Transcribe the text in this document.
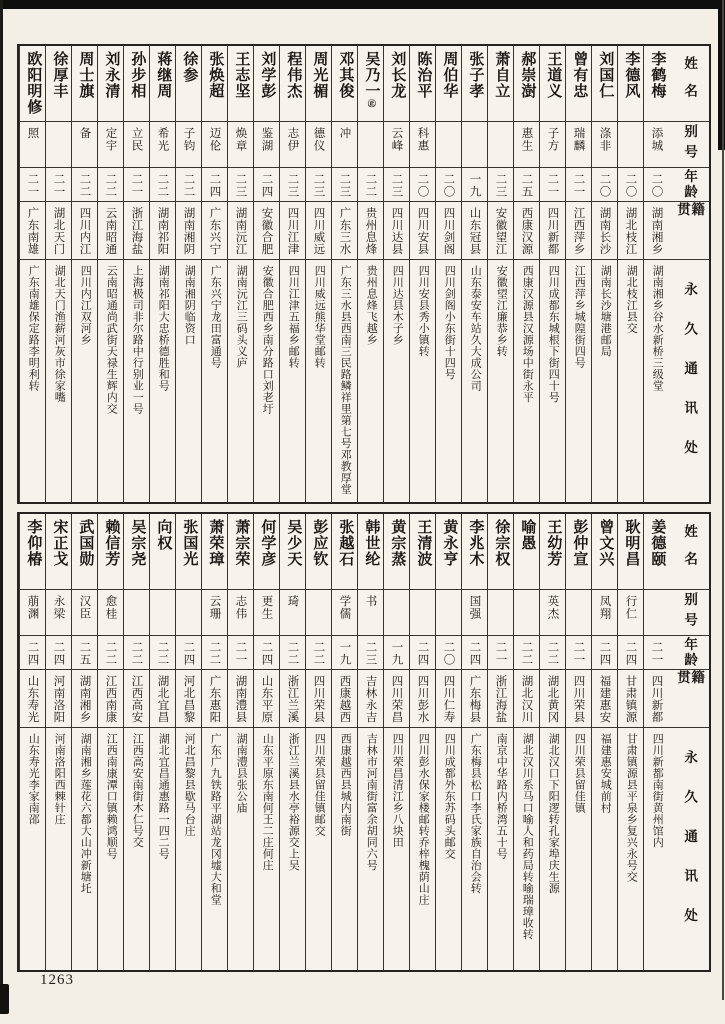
姓名
别号
年龄
籍贯
永久通讯处
李鹤梅
添城
二〇
湖南湘乡
湖南湘乡谷水新桥三级堂
李德风
二〇
湖北枝江
湖北枝江县交
刘国仁
涤非
二〇
湖南长沙
湖南长沙塘港邮局
曾有忠
瑞麟
二一
江西萍乡
江西萍乡城隍街四号
王道义
子方
二一
四川新都
四川成都东城根下街四十号
郝崇澍
惠生
二五
西康汉源
西康汉源县汉源场中街永平
萧自立
二三
安徽望江
安徽望江廉恭乡转
张子孝
一九
山东冠县
山东泰安车站久大成公司
周伯华
二〇
四川剑阁
四川剑阁小东街十四号
陈治平
科惠
二〇
四川安县
四川安县秀小镇转
刘长龙
云峰
二三
四川达县
四川达县木子乡
吴乃一㊣
二二
贵州息烽
贵州息烽飞越乡
邓其俊
冲
二三
广东三水
广东三水县西南三民路鳞祥里第七号邓教厚堂
周光楣
德仪
二三
四川威远
四川威远熊华堂邮转
程伟杰
志伊
二三
四川江津
四川江津五福乡邮转
刘学彭
鉴湖
二四
安徽合肥
安徽合肥西乡南分路口刘老圩
王志坚
焕章
二三
湖南沅江
湖南沅江三码头义庐
张焕超
迈伦
二四
广东兴宁
广东兴宁龙田富通号
徐参
子钧
二二
湖南湘阴
湖南湘阴临资口
蒋继周
希光
二二
湖南祁阳
湖南祁阳大忠桥德胜和号
孙步相
立民
二一
浙江海盐
上海极司非尔路中行别业一号
刘永清
定宇
二二
云南昭通
云南昭通尚武街天禄生辉内交
周士旗
备
二二
四川内江
四川内江双河乡
徐厚丰
二一
湖北天门
湖北天门渔薪河灰市徐家嘴
欧阳明修
照
二一
广东南雄
广东南雄保定路李明利转
姓名
别号
年龄
籍贯
永久通讯处
姜德颐
二一
四川新都
四川新都南街黄州馆内
耿明昌
行仁
二四
甘肃镇源
甘肃镇源县平泉乡复兴永号交
曾文兴
凤翔
二四
福建惠安
福建惠安城前村
彭仲宣
二一
四川荣县
四川荣县留佳镇
王幼芳
英杰
二二
湖北黄冈
湖北汉口下阳逻转孔家埠庆生源
喻愚
二二
湖北汉川
湖北汉川系马口喻人和药局转喻瑞璋收转
徐宗权
二一
浙江海盐
南京中华路内桥湾五十号
李兆木
国强
二四
广东梅县
广东梅县松口李氏家族自治会转
黄永亨
二〇
四川仁寿
四川成都外东苏码头邮交
王清波
二四
四川彭水
四川彭水保家楼邮转乔梓槐荫山庄
黄宗蒸
一九
四川荣昌
四川荣昌清江乡八块田
韩世纶
书
二三
吉林永吉
吉林市河南街富余胡同六号
张越石
学儒
一九
西康越西
西康越西县城内南街
彭应钦
二二
四川荣县
四川荣县留佳镇邮交
吴少天
琦
二二
浙江兰溪
浙江兰溪县水亭裕源交上吴
何学彦
更生
二四
山东平原
山东平原东南何王二庄何庄
萧宗荣
志伟
二一
湖南澧县
湖南澧县张公庙
萧荣璋
云珊
二二
广东惠阳
广东广九铁路平湖站龙冈墟大和堂
张国光
二四
河北昌黎
河北昌黎县歇马台庄
向权
二二
湖北宜昌
湖北宜昌通惠路一四二号
吴宗尧
二二
江西高安
江西高安南街木仁号交
赖信芳
愈桂
二二
江西南康
江西南康潭口镇赖鸿顺号
武国勋
汉臣
二五
湖南湘乡
湖南湘乡莲花六都大山冲新塘圫
宋正戈
永梁
二四
河南洛阳
河南洛阳西棘针庄
李仰椿
萠渊
二四
山东寿光
山东寿光李家南邵
1263
